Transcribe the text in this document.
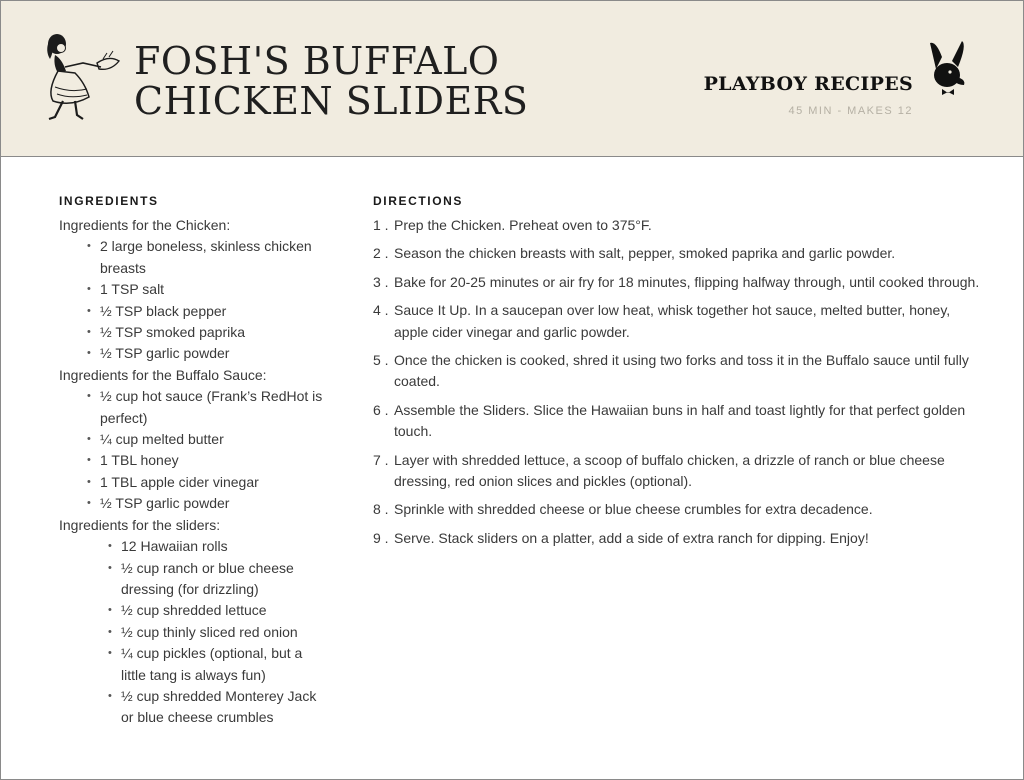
FOSH'S BUFFALO
CHICKEN SLIDERS	PLAYBOY RECIPES
45 MIN - MAKES 12
INGREDIENTS
Ingredients for the Chicken:
• 2 large boneless, skinless chicken breasts
• 1 TSP salt
• ½ TSP black pepper
• ½ TSP smoked paprika
• ½ TSP garlic powder
Ingredients for the Buffalo Sauce:
• ½ cup hot sauce (Frank’s RedHot is perfect)
• ¼ cup melted butter
• 1 TBL honey
• 1 TBL apple cider vinegar
• ½ TSP garlic powder
Ingredients for the sliders:
• 12 Hawaiian rolls
• ½ cup ranch or blue cheese dressing (for drizzling)
• ½ cup shredded lettuce
• ½ cup thinly sliced red onion
• ¼ cup pickles (optional, but a little tang is always fun)
• ½ cup shredded Monterey Jack or blue cheese crumbles
DIRECTIONS
1 . Prep the Chicken. Preheat oven to 375°F.
2 . Season the chicken breasts with salt, pepper, smoked paprika and garlic powder.
3 . Bake for 20-25 minutes or air fry for 18 minutes, flipping halfway through, until cooked through.
4 . Sauce It Up. In a saucepan over low heat, whisk together hot sauce, melted butter, honey, apple cider vinegar and garlic powder.
5 . Once the chicken is cooked, shred it using two forks and toss it in the Buffalo sauce until fully coated.
6 . Assemble the Sliders. Slice the Hawaiian buns in half and toast lightly for that perfect golden touch.
7 . Layer with shredded lettuce, a scoop of buffalo chicken, a drizzle of ranch or blue cheese dressing, red onion slices and pickles (optional).
8 . Sprinkle with shredded cheese or blue cheese crumbles for extra decadence.
9 . Serve. Stack sliders on a platter, add a side of extra ranch for dipping. Enjoy!
